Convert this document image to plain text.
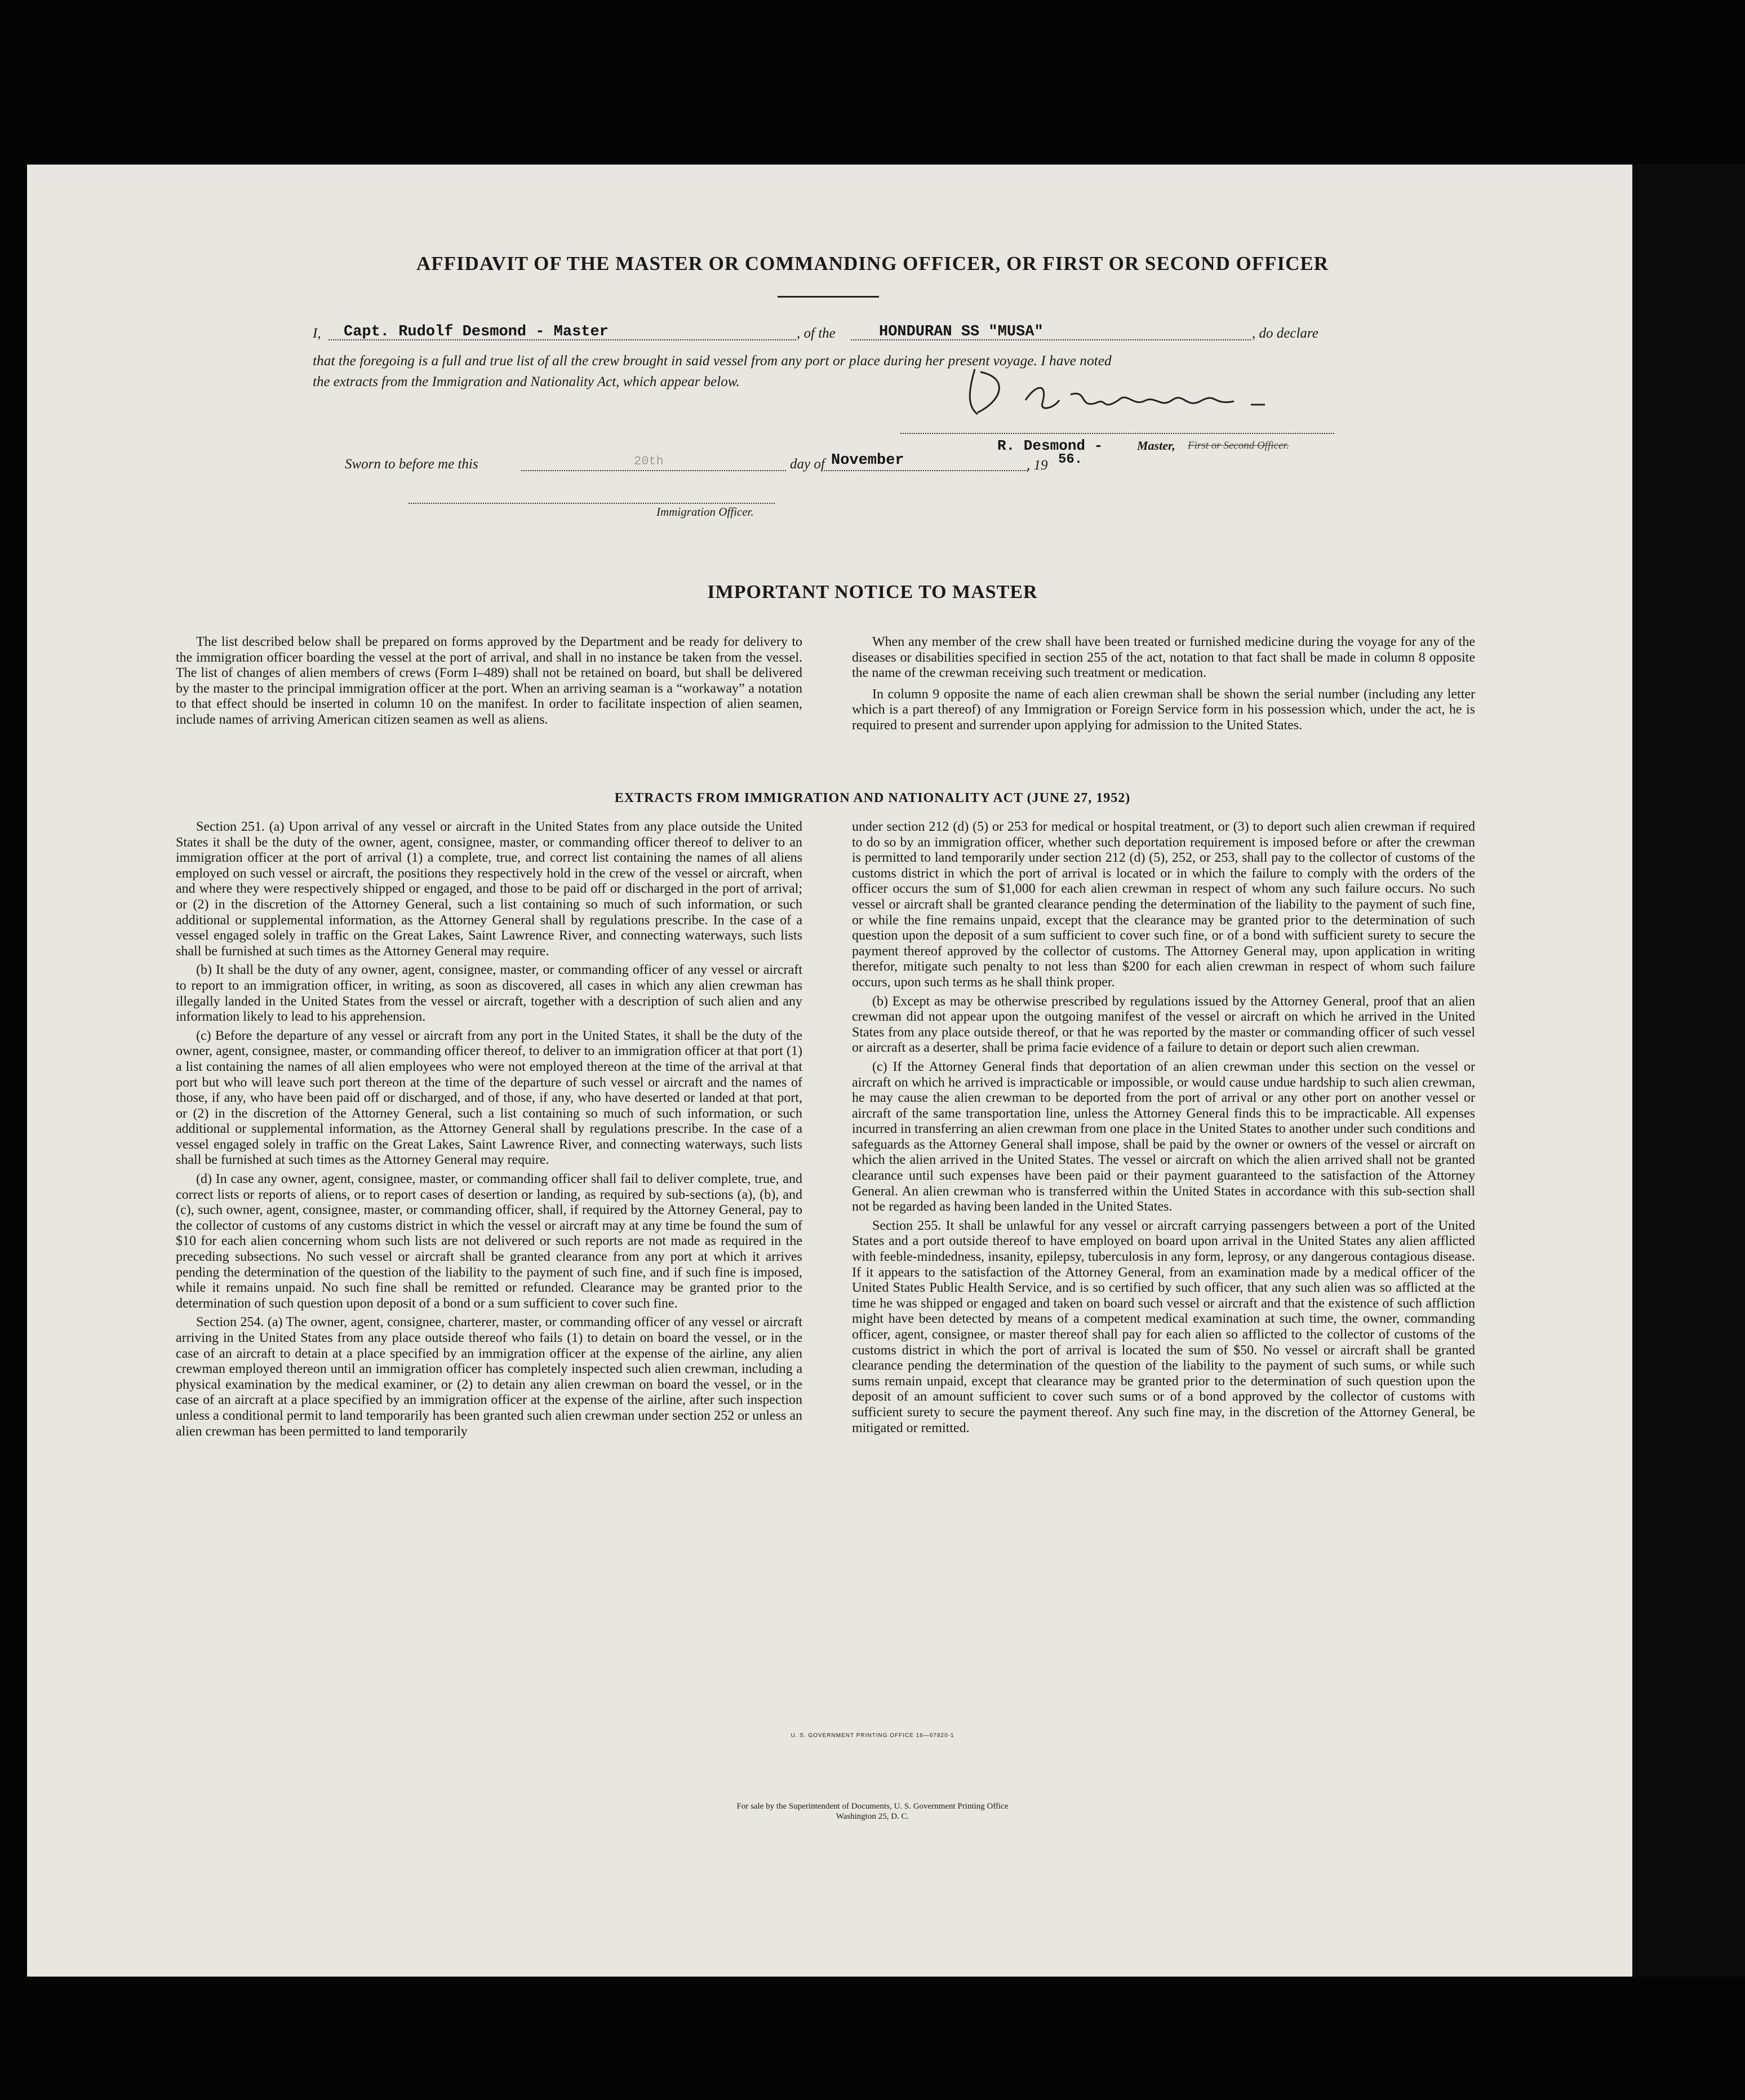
AFFIDAVIT OF THE MASTER OR COMMANDING OFFICER, OR FIRST OR SECOND OFFICER
I, Capt. Rudolf Desmond - Master	, of the	HONDURAN SS "MUSA"	, do declare
that the foregoing is a full and true list of all the crew brought in said vessel from any port or place during her present voyage. I have noted
the extracts from the Immigration and Nationality Act, which appear below.
R. Desmond -	Master, First or Second Officer.
Sworn to before me this	20th	day of November	, 19 56.
Immigration Officer.
IMPORTANT NOTICE TO MASTER

The list described below shall be prepared on forms approved by the Department and be ready for delivery to the immigration officer boarding the vessel at the port of arrival, and shall in no instance be taken from the vessel. The list of changes of alien members of crews (Form I–489) shall not be retained on board, but shall be delivered by the master to the principal immigration officer at the port. When an arriving seaman is a “workaway” a notation to that effect should be inserted in column 10 on the manifest. In order to facilitate inspection of alien seamen, include names of arriving American citizen seamen as well as aliens.

When any member of the crew shall have been treated or furnished medicine during the voyage for any of the diseases or disabilities specified in section 255 of the act, notation to that fact shall be made in column 8 opposite the name of the crewman receiving such treatment or medication.

In column 9 opposite the name of each alien crewman shall be shown the serial number (including any letter which is a part thereof) of any Immigration or Foreign Service form in his possession which, under the act, he is required to present and surrender upon applying for admission to the United States.

EXTRACTS FROM IMMIGRATION AND NATIONALITY ACT (JUNE 27, 1952)

Section 251. (a) Upon arrival of any vessel or aircraft in the United States from any place outside the United States it shall be the duty of the owner, agent, consignee, master, or commanding officer thereof to deliver to an immigration officer at the port of arrival (1) a complete, true, and correct list containing the names of all aliens employed on such vessel or aircraft, the positions they respectively hold in the crew of the vessel or aircraft, when and where they were respectively shipped or engaged, and those to be paid off or discharged in the port of arrival; or (2) in the discretion of the Attorney General, such a list containing so much of such information, or such additional or supplemental information, as the Attorney General shall by regulations prescribe. In the case of a vessel engaged solely in traffic on the Great Lakes, Saint Lawrence River, and connecting waterways, such lists shall be furnished at such times as the Attorney General may require.

(b) It shall be the duty of any owner, agent, consignee, master, or commanding officer of any vessel or aircraft to report to an immigration officer, in writing, as soon as discovered, all cases in which any alien crewman has illegally landed in the United States from the vessel or aircraft, together with a description of such alien and any information likely to lead to his apprehension.

(c) Before the departure of any vessel or aircraft from any port in the United States, it shall be the duty of the owner, agent, consignee, master, or commanding officer thereof, to deliver to an immigration officer at that port (1) a list containing the names of all alien employees who were not employed thereon at the time of the arrival at that port but who will leave such port thereon at the time of the departure of such vessel or aircraft and the names of those, if any, who have been paid off or discharged, and of those, if any, who have deserted or landed at that port, or (2) in the discretion of the Attorney General, such a list containing so much of such information, or such additional or supplemental information, as the Attorney General shall by regulations prescribe. In the case of a vessel engaged solely in traffic on the Great Lakes, Saint Lawrence River, and connecting waterways, such lists shall be furnished at such times as the Attorney General may require.

(d) In case any owner, agent, consignee, master, or commanding officer shall fail to deliver complete, true, and correct lists or reports of aliens, or to report cases of desertion or landing, as required by sub-sections (a), (b), and (c), such owner, agent, consignee, master, or commanding officer, shall, if required by the Attorney General, pay to the collector of customs of any customs district in which the vessel or aircraft may at any time be found the sum of $10 for each alien concerning whom such lists are not delivered or such reports are not made as required in the preceding subsections. No such vessel or aircraft shall be granted clearance from any port at which it arrives pending the determination of the question of the liability to the payment of such fine, and if such fine is imposed, while it remains unpaid. No such fine shall be remitted or refunded. Clearance may be granted prior to the determination of such question upon deposit of a bond or a sum sufficient to cover such fine.

Section 254. (a) The owner, agent, consignee, charterer, master, or commanding officer of any vessel or aircraft arriving in the United States from any place outside thereof who fails (1) to detain on board the vessel, or in the case of an aircraft to detain at a place specified by an immigration officer at the expense of the airline, any alien crewman employed thereon until an immigration officer has completely inspected such alien crewman, including a physical examination by the medical examiner, or (2) to detain any alien crewman on board the vessel, or in the case of an aircraft at a place specified by an immigration officer at the expense of the airline, after such inspection unless a conditional permit to land temporarily has been granted such alien crewman under section 252 or unless an alien crewman has been permitted to land temporarily

under section 212 (d) (5) or 253 for medical or hospital treatment, or (3) to deport such alien crewman if required to do so by an immigration officer, whether such deportation requirement is imposed before or after the crewman is permitted to land temporarily under section 212 (d) (5), 252, or 253, shall pay to the collector of customs of the customs district in which the port of arrival is located or in which the failure to comply with the orders of the officer occurs the sum of $1,000 for each alien crewman in respect of whom any such failure occurs. No such vessel or aircraft shall be granted clearance pending the determination of the liability to the payment of such fine, or while the fine remains unpaid, except that the clearance may be granted prior to the determination of such question upon the deposit of a sum sufficient to cover such fine, or of a bond with sufficient surety to secure the payment thereof approved by the collector of customs. The Attorney General may, upon application in writing therefor, mitigate such penalty to not less than $200 for each alien crewman in respect of whom such failure occurs, upon such terms as he shall think proper.

(b) Except as may be otherwise prescribed by regulations issued by the Attorney General, proof that an alien crewman did not appear upon the outgoing manifest of the vessel or aircraft on which he arrived in the United States from any place outside thereof, or that he was reported by the master or commanding officer of such vessel or aircraft as a deserter, shall be prima facie evidence of a failure to detain or deport such alien crewman.

(c) If the Attorney General finds that deportation of an alien crewman under this section on the vessel or aircraft on which he arrived is impracticable or impossible, or would cause undue hardship to such alien crewman, he may cause the alien crewman to be deported from the port of arrival or any other port on another vessel or aircraft of the same transportation line, unless the Attorney General finds this to be impracticable. All expenses incurred in transferring an alien crewman from one place in the United States to another under such conditions and safeguards as the Attorney General shall impose, shall be paid by the owner or owners of the vessel or aircraft on which the alien arrived in the United States. The vessel or aircraft on which the alien arrived shall not be granted clearance until such expenses have been paid or their payment guaranteed to the satisfaction of the Attorney General. An alien crewman who is transferred within the United States in accordance with this sub-section shall not be regarded as having been landed in the United States.

Section 255. It shall be unlawful for any vessel or aircraft carrying passengers between a port of the United States and a port outside thereof to have employed on board upon arrival in the United States any alien afflicted with feeble-mindedness, insanity, epilepsy, tuberculosis in any form, leprosy, or any dangerous contagious disease. If it appears to the satisfaction of the Attorney General, from an examination made by a medical officer of the United States Public Health Service, and is so certified by such officer, that any such alien was so afflicted at the time he was shipped or engaged and taken on board such vessel or aircraft and that the existence of such affliction might have been detected by means of a competent medical examination at such time, the owner, commanding officer, agent, consignee, or master thereof shall pay for each alien so afflicted to the collector of customs of the customs district in which the port of arrival is located the sum of $50. No vessel or aircraft shall be granted clearance pending the determination of the question of the liability to the payment of such sums, or while such sums remain unpaid, except that clearance may be granted prior to the determination of such question upon the deposit of an amount sufficient to cover such sums or of a bond approved by the collector of customs with sufficient surety to secure the payment thereof. Any such fine may, in the discretion of the Attorney General, be mitigated or remitted.

U. S. GOVERNMENT PRINTING OFFICE 16—67820-1
For sale by the Superintendent of Documents, U. S. Government Printing Office
Washington 25, D. C.
